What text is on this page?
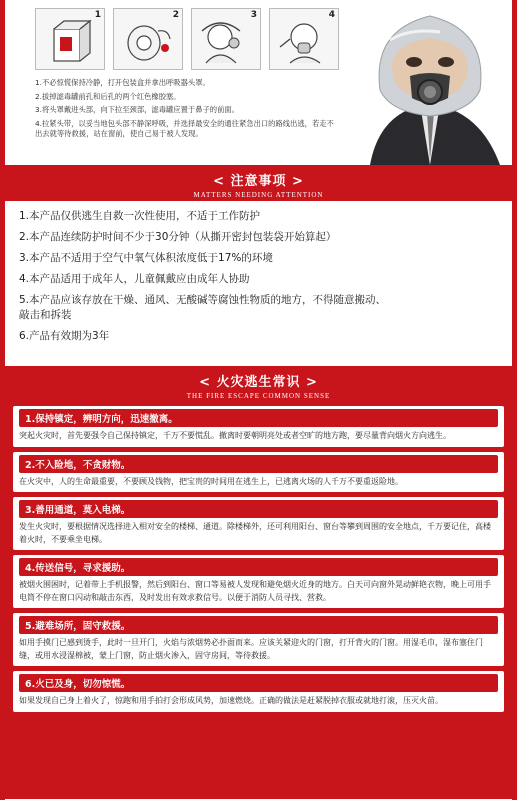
1	2	3	4

1.不必惊慌保持冷静，打开包装盒并拿出呼吸器头罩。

2.拔掉滤毒罐前孔和后孔的两个红色橡胶塞。

3.将头罩戴进头部，向下拉至颈部，滤毒罐应置于鼻子的前面。

4.拉紧头带，以妥当地包头部不静深呼吸，并选择最安全的通往紧急出口的路线出逃，若走不出去就等待救援，站在窗前，使自己易于被人发现。

< 注意事项 >
MATTERS NEEDING ATTENTION

1.本产品仅供逃生自救一次性使用，不适于工作防护

2.本产品连续防护时间不少于30分钟（从撕开密封包装袋开始算起）

3.本产品不适用于空气中氧气体积浓度低于17%的环境

4.本产品适用于成年人，儿童佩戴应由成年人协助

5.本产品应该存放在干燥、通风、无酸碱等腐蚀性物质的地方，不得随意搬动、

敲击和拆装

6.产品有效期为3年

< 火灾逃生常识 >
THE FIRE ESCAPE COMMON SENSE
1.保持镇定，辨明方向，迅速撤离。
突起火灾时，首先要强令自己保持镇定，千万不要慌乱。撤离时要朝明亮处或者空旷的地方跑，要尽量背向烟火方向逃生。
2.不入险地，不贪财物。
在火灾中，人的生命最重要，不要顾及钱物，把宝贵的时间用在逃生上，已逃离火场的人千万不要重返险地。
3.善用通道，莫入电梯。
发生火灾时，要根据情况选择进入相对安全的楼梯、通道。除楼梯外，还可利用阳台、窗台等攀到周围的安全地点，千万要记住，高楼着火时，不要乘坐电梯。
4.传送信号，寻求援助。
被烟火围困时，记着带上手机报警，然后到阳台、窗口等易被人发现和避免烟火近身的地方。白天可向窗外晃动鲜艳衣物，晚上可用手电筒不停在窗口闪动和敲击东西，及时发出有效求救信号。以便于消防人员寻找、营救。
5.避难场所，固守救援。
如用手摸门已感到烫手，此时一旦开门，火焰与浓烟势必扑面而来。应该关紧迎火的门窗，打开背火的门窗。用湿毛巾，湿布塞住门缝，或用水浸湿棉被，蒙上门窗，防止烟火渗入，固守房间，等待救援。
6.火已及身，切勿惊慌。
如果发现自己身上着火了，惊跑和用手拍打会形成风势，加速燃烧。正确的做法是赶紧脱掉衣服或就地打滚，压灭火苗。
